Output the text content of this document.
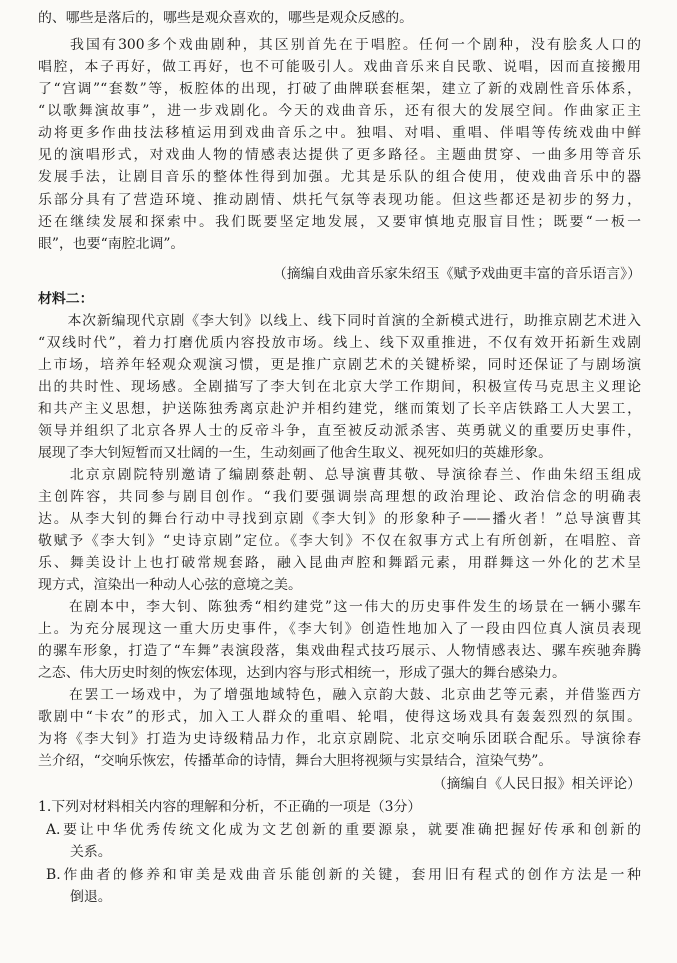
的、哪些是落后的，哪些是观众喜欢的，哪些是观众反感的。
　　我国有300多个戏曲剧种，其区别首先在于唱腔。任何一个剧种，没有脍炙人口的
唱腔，本子再好，做工再好，也不可能吸引人。戏曲音乐来自民歌、说唱，因而直接搬用
了“宫调”“套数”等，板腔体的出现，打破了曲牌联套框架，建立了新的戏剧性音乐体系，
“以歌舞演故事”，进一步戏剧化。今天的戏曲音乐，还有很大的发展空间。作曲家正主
动将更多作曲技法移植运用到戏曲音乐之中。独唱、对唱、重唱、伴唱等传统戏曲中鲜
见的演唱形式，对戏曲人物的情感表达提供了更多路径。主题曲贯穿、一曲多用等音乐
发展手法，让剧目音乐的整体性得到加强。尤其是乐队的组合使用，使戏曲音乐中的器
乐部分具有了营造环境、推动剧情、烘托气氛等表现功能。但这些都还是初步的努力，
还在继续发展和探索中。我们既要坚定地发展，又要审慎地克服盲目性；既要“一板一
眼”，也要“南腔北调”。
（摘编自戏曲音乐家朱绍玉《赋予戏曲更丰富的音乐语言》）
材料二：
　　本次新编现代京剧《李大钊》以线上、线下同时首演的全新模式进行，助推京剧艺术进入
“双线时代”，着力打磨优质内容投放市场。线上、线下双重推进，不仅有效开拓新生戏剧
上市场，培养年轻观众观演习惯，更是推广京剧艺术的关键桥梁，同时还保证了与剧场演
出的共时性、现场感。全剧描写了李大钊在北京大学工作期间，积极宣传马克思主义理论
和共产主义思想，护送陈独秀离京赴沪并相约建党，继而策划了长辛店铁路工人大罢工，
领导并组织了北京各界人士的反帝斗争，直至被反动派杀害、英勇就义的重要历史事件，
展现了李大钊短暂而又壮阔的一生，生动刻画了他舍生取义、视死如归的英雄形象。
　　北京京剧院特别邀请了编剧蔡赴朝、总导演曹其敬、导演徐春兰、作曲朱绍玉组成
主创阵容，共同参与剧目创作。“我们要强调崇高理想的政治理论、政治信念的明确表
达。从李大钊的舞台行动中寻找到京剧《李大钊》的形象种子——播火者！”总导演曹其
敬赋予《李大钊》“史诗京剧”定位。《李大钊》不仅在叙事方式上有所创新，在唱腔、音
乐、舞美设计上也打破常规套路，融入昆曲声腔和舞蹈元素，用群舞这一外化的艺术呈
现方式，渲染出一种动人心弦的意境之美。
　　在剧本中，李大钊、陈独秀“相约建党”这一伟大的历史事件发生的场景在一辆小骡车
上。为充分展现这一重大历史事件，《李大钊》创造性地加入了一段由四位真人演员表现
的骡车形象，打造了“车舞”表演段落，集戏曲程式技巧展示、人物情感表达、骡车疾驰奔腾
之态、伟大历史时刻的恢宏体现，达到内容与形式相统一，形成了强大的舞台感染力。
　　在罢工一场戏中，为了增强地域特色，融入京韵大鼓、北京曲艺等元素，并借鉴西方
歌剧中“卡农”的形式，加入工人群众的重唱、轮唱，使得这场戏具有轰轰烈烈的氛围。
为将《李大钊》打造为史诗级精品力作，北京京剧院、北京交响乐团联合配乐。导演徐春
兰介绍，“交响乐恢宏，传播革命的诗情，舞台大胆将视频与实景结合，渲染气势”。
（摘编自《人民日报》相关评论）
1.下列对材料相关内容的理解和分析，不正确的一项是（3分）
A.要让中华优秀传统文化成为文艺创新的重要源泉，就要准确把握好传承和创新的
关系。
B.作曲者的修养和审美是戏曲音乐能创新的关键，套用旧有程式的创作方法是一种
倒退。
